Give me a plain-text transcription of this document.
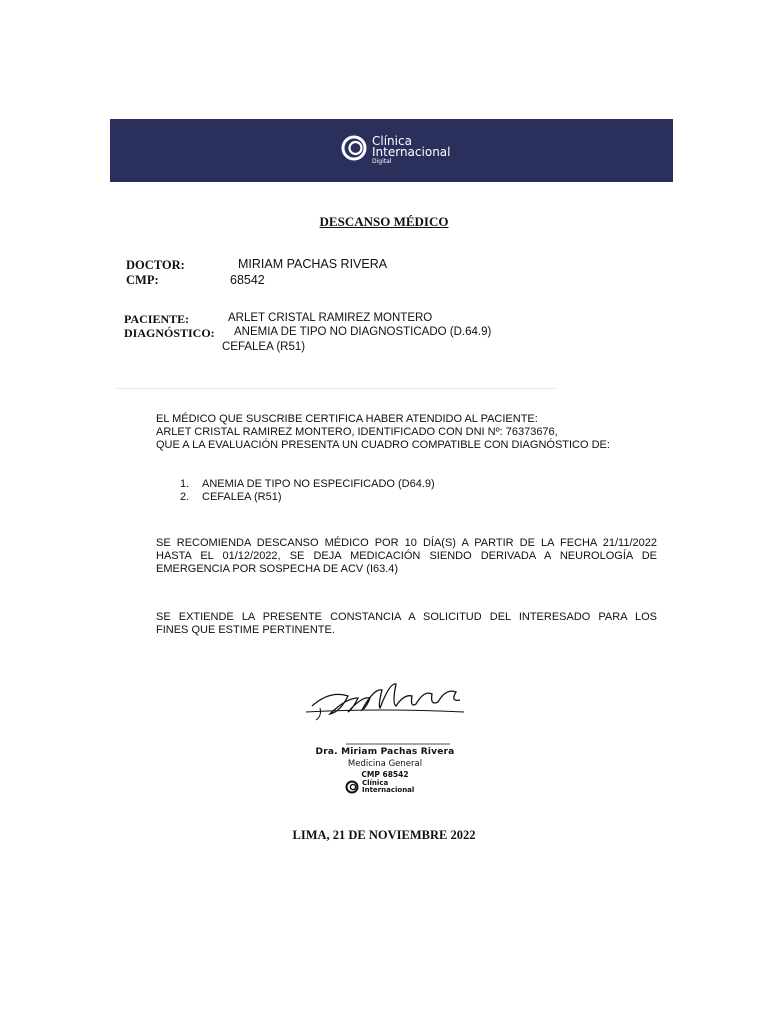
Clínica
Internacional
Digital
DESCANSO MÉDICO
DOCTOR:	MIRIAM PACHAS RIVERA
CMP:	68542
PACIENTE:	ARLET CRISTAL RAMIREZ MONTERO
DIAGNÓSTICO: ANEMIA DE TIPO NO DIAGNOSTICADO (D.64.9)
CEFALEA (R51)
EL MÉDICO QUE SUSCRIBE CERTIFICA HABER ATENDIDO AL PACIENTE:
ARLET CRISTAL RAMIREZ MONTERO, IDENTIFICADO CON DNI Nº: 76373676,
QUE A LA EVALUACIÓN PRESENTA UN CUADRO COMPATIBLE CON DIAGNÓSTICO DE:
1. ANEMIA DE TIPO NO ESPECIFICADO (D64.9)
2. CEFALEA (R51)
SE RECOMIENDA DESCANSO MÉDICO POR 10 DÍA(S) A PARTIR DE LA FECHA 21/11/2022
HASTA EL 01/12/2022, SE DEJA MEDICACIÓN SIENDO DERIVADA A NEUROLOGÍA DE
EMERGENCIA POR SOSPECHA DE ACV (I63.4)
SE EXTIENDE LA PRESENTE CONSTANCIA A SOLICITUD DEL INTERESADO PARA LOS
FINES QUE ESTIME PERTINENTE.
Dra. Miriam Pachas Rivera
Medicina General
CMP 68542
Clínica
Internacional
LIMA, 21 DE NOVIEMBRE 2022
